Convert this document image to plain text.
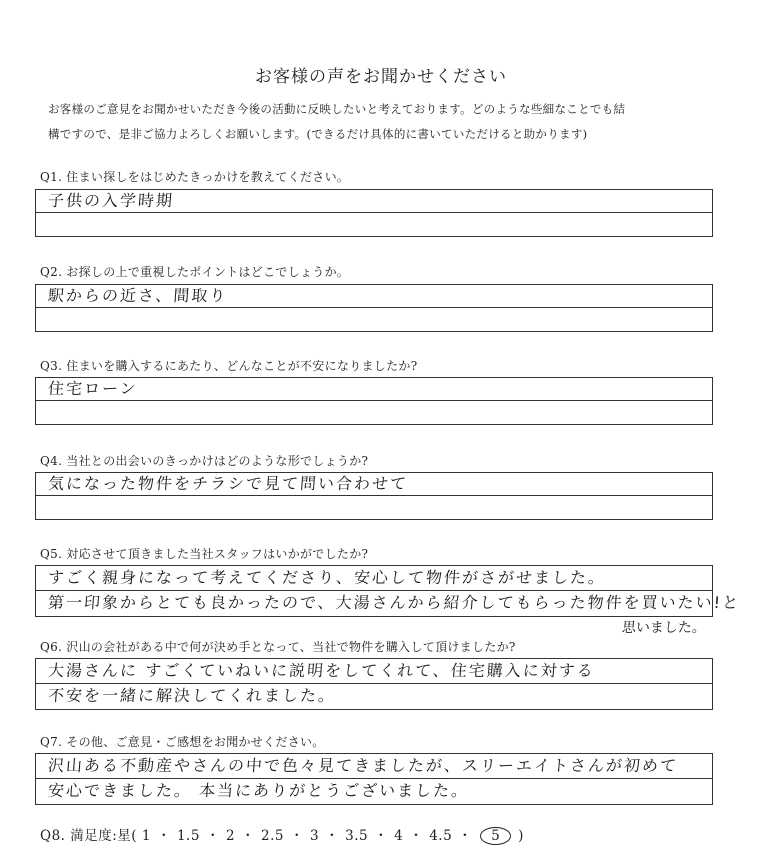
お客様の声をお聞かせください
お客様のご意見をお聞かせいただき今後の活動に反映したいと考えております。どのような些細なことでも結
構ですので、是非ご協力よろしくお願いします。(できるだけ具体的に書いていただけると助かります)
Q1. 住まい探しをはじめたきっかけを教えてください。
子供の入学時期
Q2. お探しの上で重視したポイントはどこでしょうか。
駅からの近さ、間取り
Q3. 住まいを購入するにあたり、どんなことが不安になりましたか?
住宅ローン
Q4. 当社との出会いのきっかけはどのような形でしょうか?
気になった物件をチラシで見て問い合わせて
Q5. 対応させて頂きました当社スタッフはいかがでしたか?
すごく親身になって考えてくださり、安心して物件がさがせました。
第一印象からとても良かったので、大湯さんから紹介してもらった物件を買いたい!と
思いました。
Q6. 沢山の会社がある中で何が決め手となって、当社で物件を購入して頂けましたか?
大湯さんに すごくていねいに説明をしてくれて、住宅購入に対する
不安を一緒に解決してくれました。
Q7. その他、ご意見・ご感想をお聞かせください。
沢山ある不動産やさんの中で色々見てきましたが、スリーエイトさんが初めて
安心できました。 本当にありがとうございました。
Q8. 満足度:星( 1 ・ 1.5 ・ 2 ・ 2.5 ・ 3 ・ 3.5 ・ 4 ・ 4.5 ・ 5 )
